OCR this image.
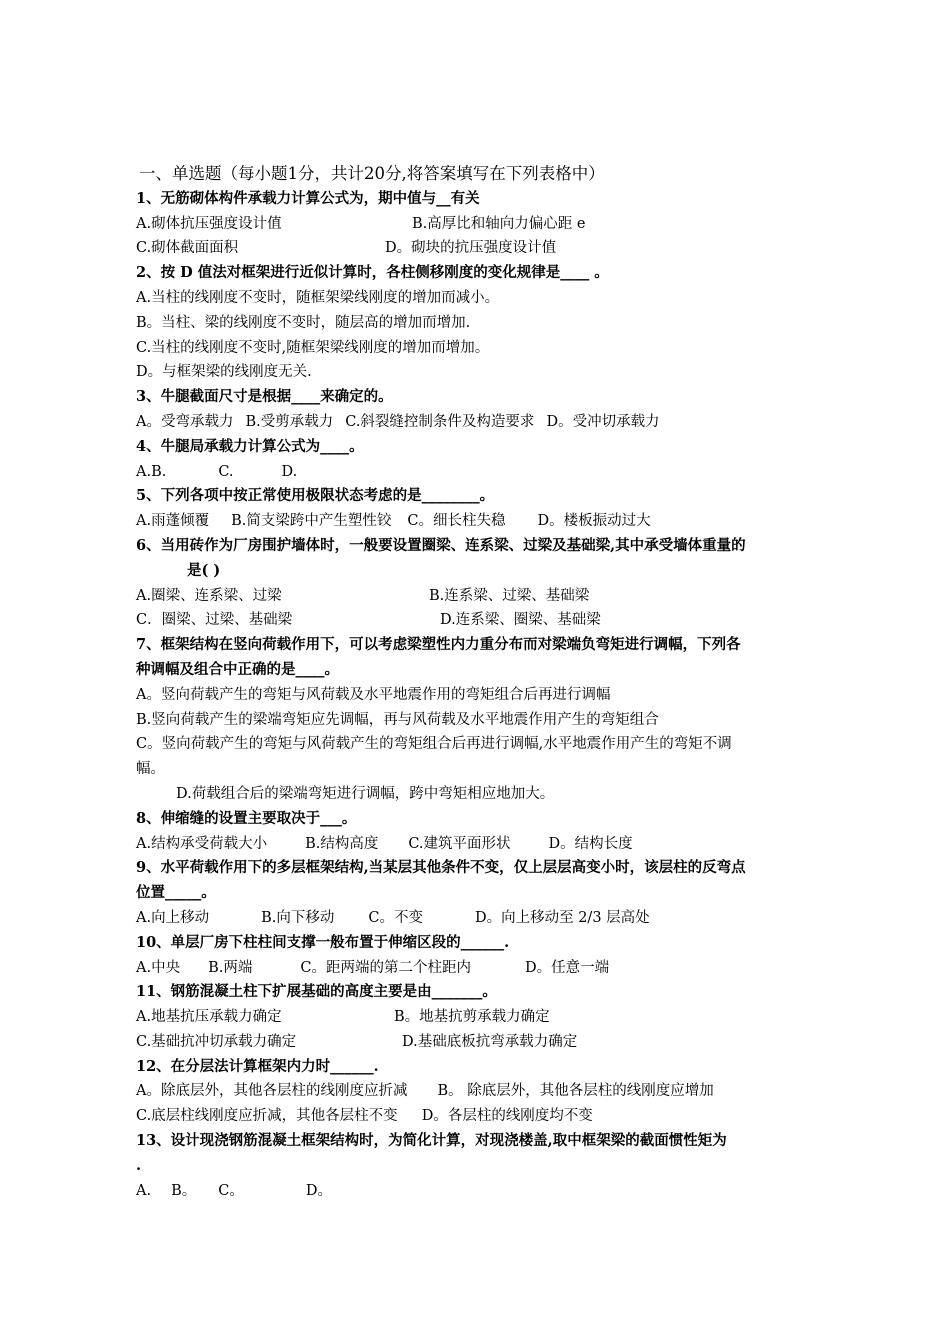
一、单选题（每小题1分，共计20分,将答案填写在下列表格中）
1、无筋砌体构件承载力计算公式为，期中值与__有关
A.砌体抗压强度设计值	B.高厚比和轴向力偏心距 e
C.砌体截面面积	D。砌块的抗压强度设计值
2、按 D 值法对框架进行近似计算时，各柱侧移刚度的变化规律是____ 。
A.当柱的线刚度不变时，随框架梁线刚度的增加而减小。
B。当柱、梁的线刚度不变时，随层高的增加而增加.
C.当柱的线刚度不变时,随框架梁线刚度的增加而增加。
D。与框架梁的线刚度无关.
3、牛腿截面尺寸是根据____来确定的。
A。受弯承载力 B.受剪承载力 C.斜裂缝控制条件及构造要求 D。受冲切承载力
4、牛腿局承载力计算公式为____。
A.B.	C.	D.
5、下列各项中按正常使用极限状态考虑的是________。
A.雨蓬倾覆 B.简支梁跨中产生塑性铰 C。细长柱失稳 D。楼板振动过大
6、当用砖作为厂房围护墙体时，一般要设置圈梁、连系梁、过梁及基础梁,其中承受墙体重量的
是( )
A.圈梁、连系梁、过梁	B.连系梁、过梁、基础梁
C．圈梁、过梁、基础梁	D.连系梁、圈梁、基础梁
7、框架结构在竖向荷载作用下，可以考虑梁塑性内力重分布而对梁端负弯矩进行调幅，下列各
种调幅及组合中正确的是____。
A。竖向荷载产生的弯矩与风荷载及水平地震作用的弯矩组合后再进行调幅
B.竖向荷载产生的梁端弯矩应先调幅，再与风荷载及水平地震作用产生的弯矩组合
C。竖向荷载产生的弯矩与风荷载产生的弯矩组合后再进行调幅,水平地震作用产生的弯矩不调
幅。
D.荷载组合后的梁端弯矩进行调幅，跨中弯矩相应地加大。
8、伸缩缝的设置主要取决于___。
A.结构承受荷载大小	B.结构高度 C.建筑平面形状	D。结构长度
9、水平荷载作用下的多层框架结构,当某层其他条件不变，仅上层层高变小时，该层柱的反弯点
位置_____。
A.向上移动	B.向下移动 C。不变	D。向上移动至 2/3 层高处
10、单层厂房下柱柱间支撑一般布置于伸缩区段的______.
A.中央 B.两端	C。距两端的第二个柱距内	D。任意一端
11、钢筋混凝土柱下扩展基础的高度主要是由_______。
A.地基抗压承载力确定	B。地基抗剪承载力确定
C.基础抗冲切承载力确定	D.基础底板抗弯承载力确定
12、在分层法计算框架内力时______.
A。除底层外，其他各层柱的线刚度应折减 B。 除底层外，其他各层柱的线刚度应增加
C.底层柱线刚度应折减，其他各层柱不变 D。各层柱的线刚度均不变
13、设计现浇钢筋混凝土框架结构时，为简化计算，对现浇楼盖,取中框架梁的截面惯性矩为
.
A. B。 C。	D。
